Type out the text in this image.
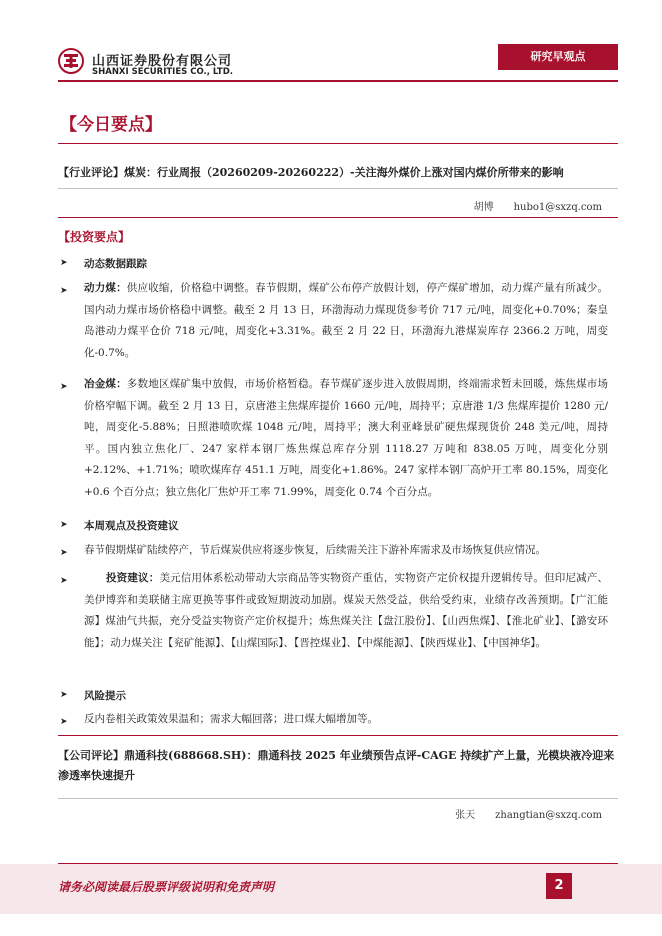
山西证券股份有限公司
SHANXI SECURITIES CO., LTD.
研究早观点
【今日要点】
【行业评论】煤炭：行业周报（20260209-20260222）-关注海外煤价上涨对国内煤价所带来的影响
胡博　　hubo1@sxzq.com
【投资要点】
➤ 动态数据跟踪
➤ 动力煤：供应收缩，价格稳中调整。春节假期，煤矿公布停产放假计划，停产煤矿增加，动力煤产量有所减少。国内动力煤市场价格稳中调整。截至 2 月 13 日，环渤海动力煤现货参考价 717 元/吨，周变化+0.70%；秦皇岛港动力煤平仓价 718 元/吨，周变化+3.31%。截至 2 月 22 日，环渤海九港煤炭库存 2366.2 万吨，周变化-0.7%。
➤ 冶金煤：多数地区煤矿集中放假，市场价格暂稳。春节煤矿逐步进入放假周期，终端需求暂未回暖，炼焦煤市场价格窄幅下调。截至 2 月 13 日，京唐港主焦煤库提价 1660 元/吨，周持平；京唐港 1/3 焦煤库提价 1280 元/吨，周变化-5.88%；日照港喷吹煤 1048 元/吨，周持平；澳大利亚峰景矿硬焦煤现货价 248 美元/吨，周持平。国内独立焦化厂、247 家样本钢厂炼焦煤总库存分别 1118.27 万吨和 838.05 万吨，周变化分别+2.12%、+1.71%；喷吹煤库存 451.1 万吨，周变化+1.86%。247 家样本钢厂高炉开工率 80.15%，周变化+0.6 个百分点；独立焦化厂焦炉开工率 71.99%，周变化 0.74 个百分点。
➤ 本周观点及投资建议
➤ 春节假期煤矿陆续停产，节后煤炭供应将逐步恢复，后续需关注下游补库需求及市场恢复供应情况。
➤	投资建议：美元信用体系松动带动大宗商品等实物资产重估，实物资产定价权提升逻辑传导。但印尼减产、美伊博弈和美联储主席更换等事件或致短期波动加剧。煤炭天然受益，供给受约束，业绩存改善预期。【广汇能源】煤油气共振，充分受益实物资产定价权提升；炼焦煤关注【盘江股份】、【山西焦煤】、【淮北矿业】、【潞安环能】；动力煤关注【兖矿能源】、【山煤国际】、【晋控煤业】、【中煤能源】、【陕西煤业】、【中国神华】。
➤ 风险提示
➤ 反内卷相关政策效果温和；需求大幅回落；进口煤大幅增加等。
【公司评论】鼎通科技(688668.SH)：鼎通科技 2025 年业绩预告点评-CAGE 持续扩产上量，光模块液冷迎来渗透率快速提升
张天　　zhangtian@sxzq.com
请务必阅读最后股票评级说明和免责声明	2
